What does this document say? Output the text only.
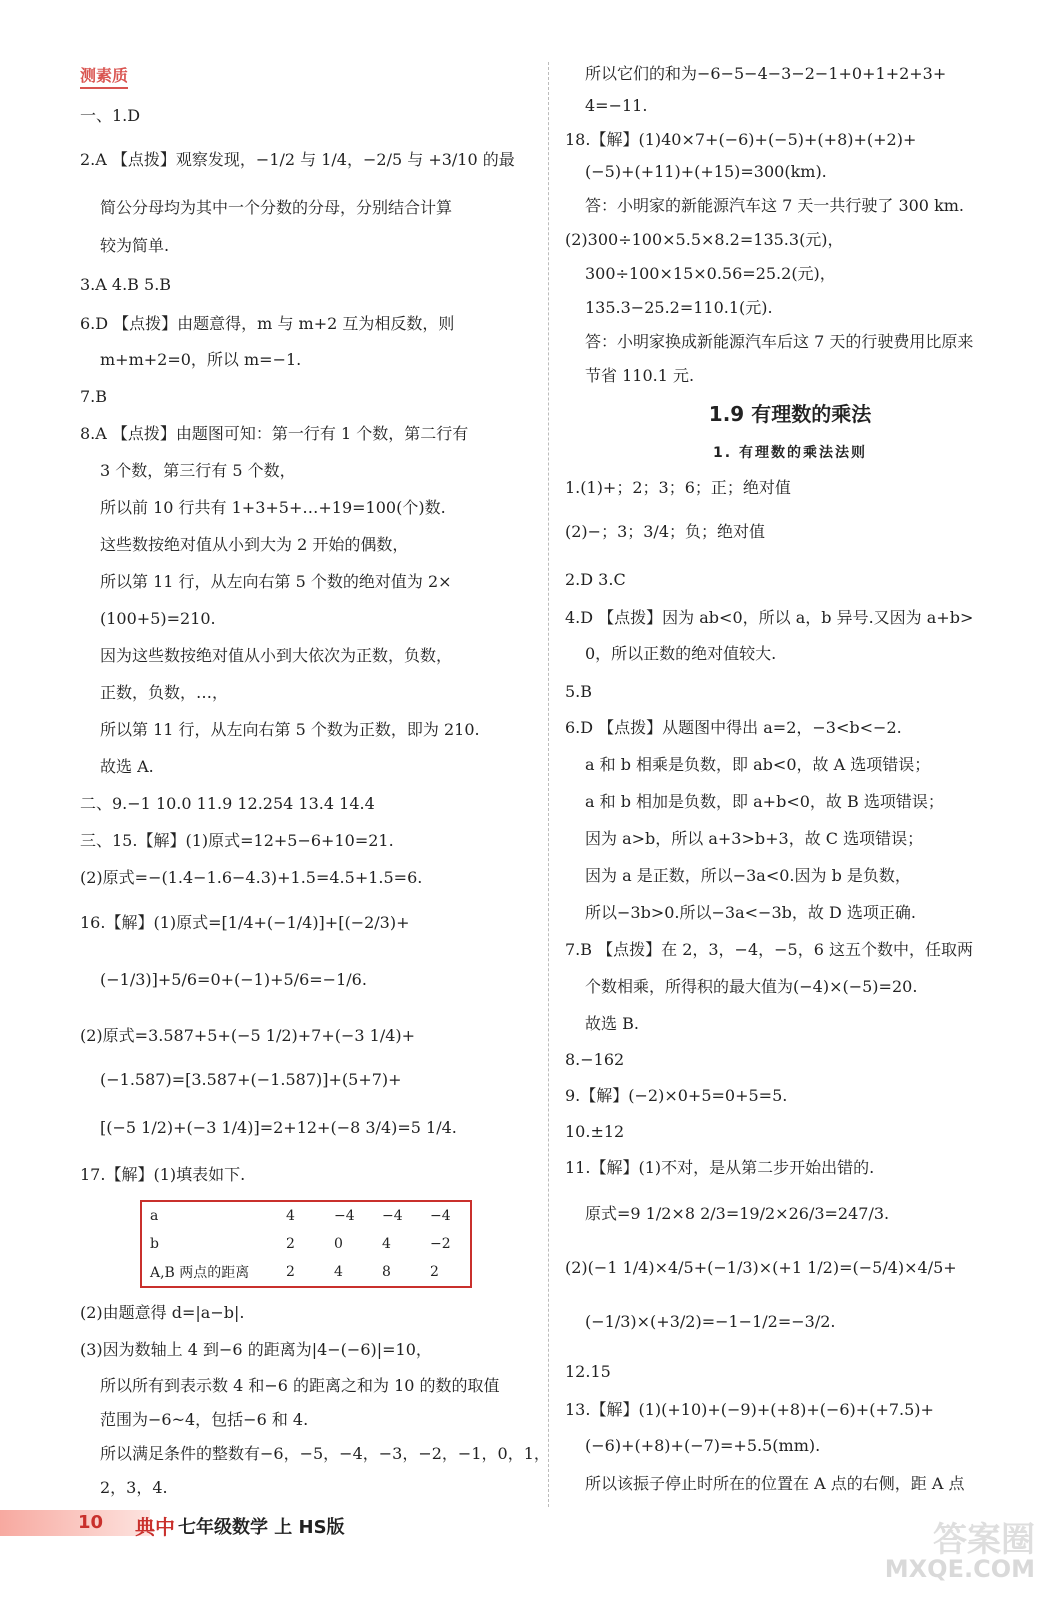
测素质
一、1.D
2.A 【点拨】观察发现，−1/2 与 1/4，−2/5 与 +3/10 的最
简公分母均为其中一个分数的分母，分别结合计算
较为简单.
3.A 4.B 5.B
6.D 【点拨】由题意得，m 与 m+2 互为相反数，则
m+m+2=0，所以 m=−1.
7.B
8.A 【点拨】由题图可知：第一行有 1 个数，第二行有
3 个数，第三行有 5 个数，
所以前 10 行共有 1+3+5+…+19=100(个)数.
这些数按绝对值从小到大为 2 开始的偶数，
所以第 11 行，从左向右第 5 个数的绝对值为 2×
(100+5)=210.
因为这些数按绝对值从小到大依次为正数，负数，
正数，负数，…，
所以第 11 行，从左向右第 5 个数为正数，即为 210.
故选 A.
二、9.−1 10.0 11.9 12.254 13.4 14.4
三、15.【解】(1)原式=12+5−6+10=21.
(2)原式=−(1.4−1.6−4.3)+1.5=4.5+1.5=6.
16.【解】(1)原式=[1/4+(−1/4)]+[(−2/3)+
(−1/3)]+5/6=0+(−1)+5/6=−1/6.
(2)原式=3.587+5+(−5 1/2)+7+(−3 1/4)+
(−1.587)=[3.587+(−1.587)]+(5+7)+
[(−5 1/2)+(−3 1/4)]=2+12+(−8 3/4)=5 1/4.
17.【解】(1)填表如下.
a	4	−4	−4	−4
b	2	0	4	−2
A,B 两点的距离	2	4	8	2
(2)由题意得 d=|a−b|.
(3)因为数轴上 4 到−6 的距离为|4−(−6)|=10，
所以所有到表示数 4 和−6 的距离之和为 10 的数的取值
范围为−6~4，包括−6 和 4.
所以满足条件的整数有−6，−5，−4，−3，−2，−1，0，1，
2，3，4.
所以它们的和为−6−5−4−3−2−1+0+1+2+3+
4=−11.
18.【解】(1)40×7+(−6)+(−5)+(+8)+(+2)+
(−5)+(+11)+(+15)=300(km).
答：小明家的新能源汽车这 7 天一共行驶了 300 km.
(2)300÷100×5.5×8.2=135.3(元)，
300÷100×15×0.56=25.2(元)，
135.3−25.2=110.1(元).
答：小明家换成新能源汽车后这 7 天的行驶费用比原来
节省 110.1 元.
1.9 有理数的乘法
1. 有理数的乘法法则
1.(1)+；2；3；6；正；绝对值
(2)−；3；3/4；负；绝对值
2.D 3.C
4.D 【点拨】因为 ab<0，所以 a，b 异号.又因为 a+b>
0，所以正数的绝对值较大.
5.B
6.D 【点拨】从题图中得出 a=2，−3<b<−2.
a 和 b 相乘是负数，即 ab<0，故 A 选项错误；
a 和 b 相加是负数，即 a+b<0，故 B 选项错误；
因为 a>b，所以 a+3>b+3，故 C 选项错误；
因为 a 是正数，所以−3a<0.因为 b 是负数，
所以−3b>0.所以−3a<−3b，故 D 选项正确.
7.B 【点拨】在 2，3，−4，−5，6 这五个数中，任取两
个数相乘，所得积的最大值为(−4)×(−5)=20.
故选 B.
8.−162
9.【解】(−2)×0+5=0+5=5.
10.±12
11.【解】(1)不对，是从第二步开始出错的.
原式=9 1/2×8 2/3=19/2×26/3=247/3.
(2)(−1 1/4)×4/5+(−1/3)×(+1 1/2)=(−5/4)×4/5+
(−1/3)×(+3/2)=−1−1/2=−3/2.
12.15
13.【解】(1)(+10)+(−9)+(+8)+(−6)+(+7.5)+
(−6)+(+8)+(−7)=+5.5(mm).
所以该振子停止时所在的位置在 A 点的右侧，距 A 点
10 典中 七年级数学 上 HS版	答案圈
MXQE.COM
